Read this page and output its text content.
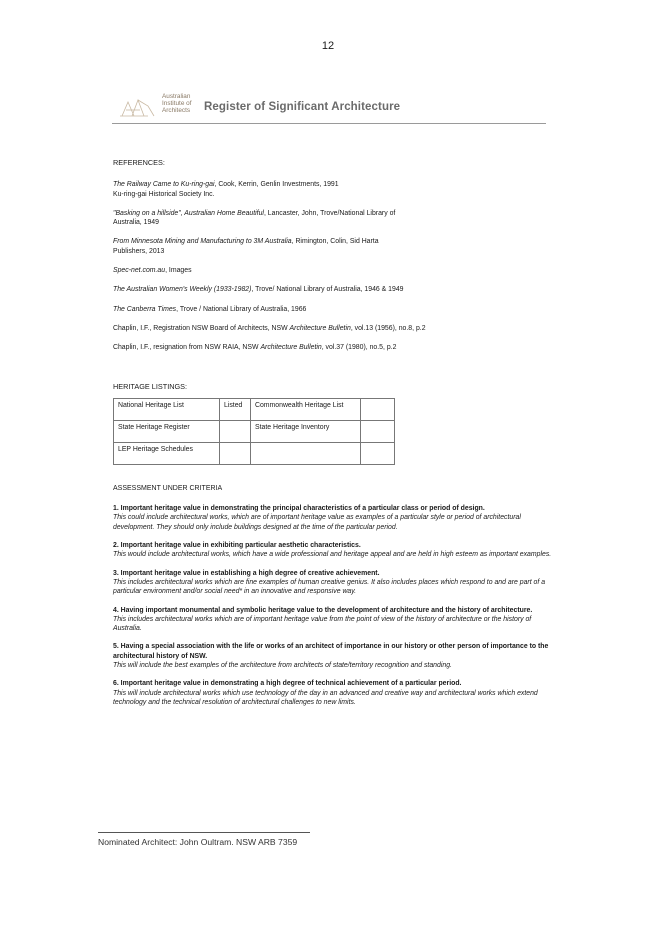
12
Australian
Institute of
Architects Register of Significant Architecture
REFERENCES:
The Railway Came to Ku-ring-gai, Cook, Kerrin, Genlin Investments, 1991
Ku-ring-gai Historical Society Inc.
"Basking on a hillside", Australian Home Beautiful, Lancaster, John, Trove/National Library of
Australia, 1949
From Minnesota Mining and Manufacturing to 3M Australia, Rimington, Colin, Sid Harta
Publishers, 2013
Spec-net.com.au, Images
The Australian Women's Weekly (1933-1982), Trove/ National Library of Australia, 1946 & 1949
The Canberra Times, Trove / National Library of Australia, 1966
Chaplin, I.F., Registration NSW Board of Architects, NSW Architecture Bulletin, vol.13 (1956), no.8, p.2
Chaplin, I.F., resignation from NSW RAIA, NSW Architecture Bulletin, vol.37 (1980), no.5, p.2
HERITAGE LISTINGS:
National Heritage List	Listed	Commonwealth Heritage List	
State Heritage Register		State Heritage Inventory	
LEP Heritage Schedules			
ASSESSMENT UNDER CRITERIA
1. Important heritage value in demonstrating the principal characteristics of a particular class or period of design.
This could include architectural works, which are of important heritage value as examples of a particular style or period of architectural development. They should only include buildings designed at the time of the particular period.
2. Important heritage value in exhibiting particular aesthetic characteristics.
This would include architectural works, which have a wide professional and heritage appeal and are held in high esteem as important examples.
3. Important heritage value in establishing a high degree of creative achievement.
This includes architectural works which are fine examples of human creative genius. It also includes places which respond to and are part of a particular environment and/or social need* in an innovative and responsive way.
4. Having important monumental and symbolic heritage value to the development of architecture and the history of architecture.
This includes architectural works which are of important heritage value from the point of view of the history of architecture or the history of Australia.
5. Having a special association with the life or works of an architect of importance in our history or other person of importance to the architectural history of NSW.
This will include the best examples of the architecture from architects of state/territory recognition and standing.
6. Important heritage value in demonstrating a high degree of technical achievement of a particular period.
This will include architectural works which use technology of the day in an advanced and creative way and architectural works which extend technology and the technical resolution of architectural challenges to new limits.
Nominated Architect: John Oultram. NSW ARB 7359
